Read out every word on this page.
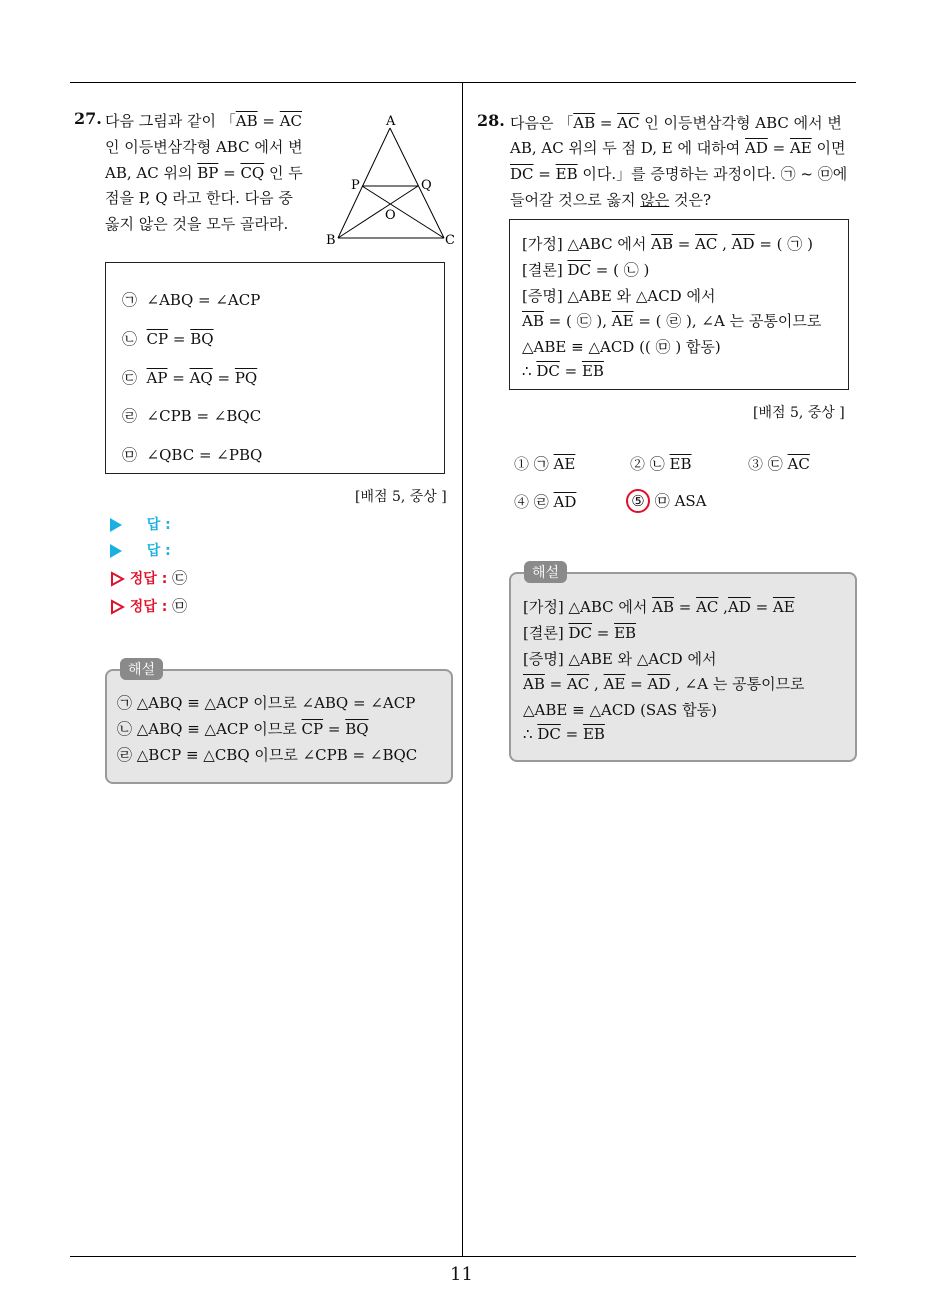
11
27. 다음 그림과 같이 「$\overline{AB} = \overline{AC}$
인 이등변삼각형 ABC 에서 변
AB, AC 위의 $\overline{BP} = \overline{CQ}$ 인 두
점을 P, Q 라고 한다. 다음 중
옳지 않은 것을 모두 골라라.
A
B	C
P	Q
O
㉠  ∠ABQ = ∠ACP
㉡  $\overline{CP} = \overline{BQ}$
㉢  $\overline{AP} = \overline{AQ} = \overline{PQ}$
㉣  ∠CPB = ∠BQC
㉤  ∠QBC = ∠PBQ
[배점 5, 중상 ]
답 :
답 :
정답 : ㉢
정답 : ㉤
㉠ △ABQ ≡ △ACP 이므로 ∠ABQ = ∠ACP
㉡ △ABQ ≡ △ACP 이므로 $\overline{CP} = \overline{BQ}$
㉣ △BCP ≡ △CBQ 이므로 ∠CPB = ∠BQC
해설
28. 다음은 「$\overline{AB} = \overline{AC}$ 인 이등변삼각형 ABC 에서 변
AB, AC 위의 두 점 D, E 에 대하여 $\overline{AD} = \overline{AE}$ 이면
$\overline{DC} = \overline{EB}$ 이다.」를 증명하는 과정이다. ㉠ ~ ㉤에
들어갈 것으로 옳지 않은 것은?
[가정] △ABC 에서 $\overline{AB} = \overline{AC}$ , $\overline{AD}$ = ( ㉠ )
[결론] $\overline{DC}$ = ( ㉡ )
[증명] △ABE 와 △ACD 에서
$\overline{AB}$ = ( ㉢ ), $\overline{AE}$ = ( ㉣ ), ∠A 는 공통이므로
△ABE ≡ △ACD (( ㉤ ) 합동)
∴ $\overline{DC} = \overline{EB}$
[배점 5, 중상 ]
① ㉠ $\overline{AE}$	② ㉡ $\overline{EB}$	③ ㉢ $\overline{AC}$
④ ㉣ $\overline{AD}$	⑤ ㉤ ASA
[가정] △ABC 에서 $\overline{AB} = \overline{AC}$ $,\overline{AD} = \overline{AE}$
[결론] $\overline{DC} = \overline{EB}$
[증명] △ABE 와 △ACD 에서
$\overline{AB} = \overline{AC}$ , $\overline{AE} = \overline{AD}$ , ∠A 는 공통이므로
△ABE ≡ △ACD (SAS 합동)
∴ $\overline{DC} = \overline{EB}$
해설
